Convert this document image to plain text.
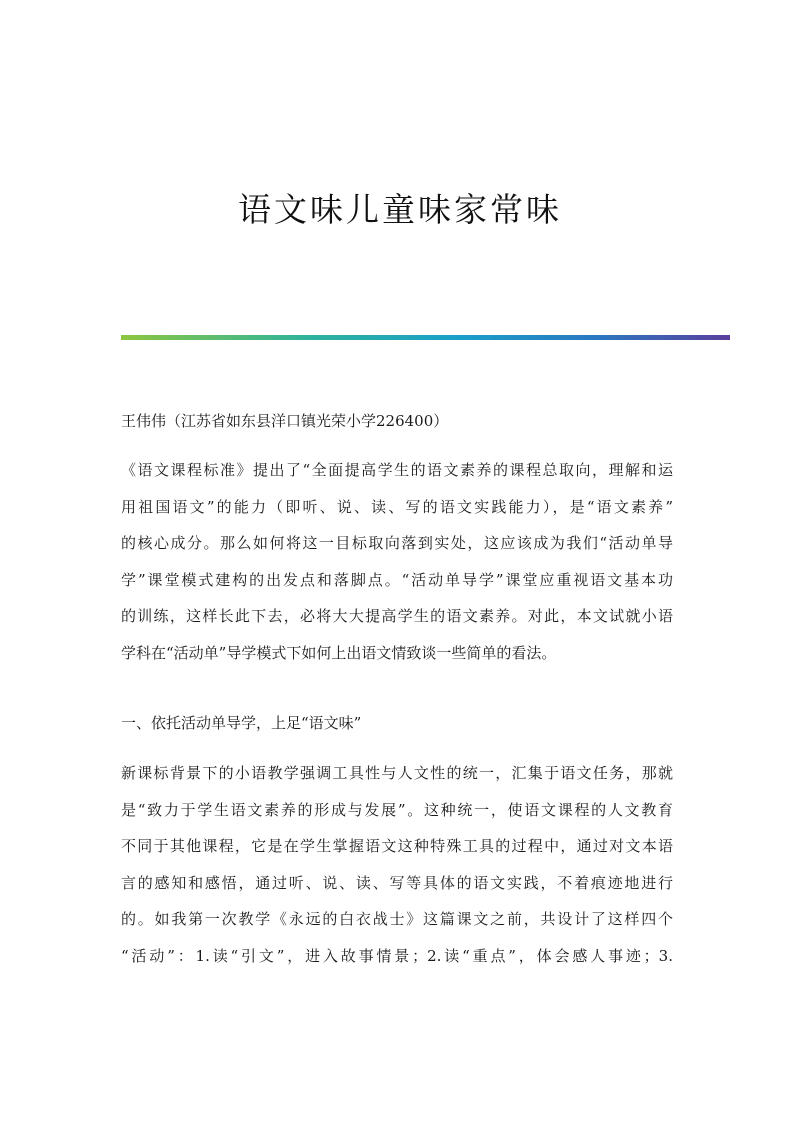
语文味儿童味家常味
王伟伟（江苏省如东县洋口镇光荣小学226400）
《语文课程标准》提出了“全面提高学生的语文素养的课程总取向，理解和运
用祖国语文”的能力（即听、说、读、写的语文实践能力），是“语文素养”
的核心成分。那么如何将这一目标取向落到实处，这应该成为我们“活动单导
学”课堂模式建构的出发点和落脚点。“活动单导学”课堂应重视语文基本功
的训练，这样长此下去，必将大大提高学生的语文素养。对此，本文试就小语
学科在“活动单”导学模式下如何上出语文情致谈一些简单的看法。
一、依托活动单导学，上足“语文味”
新课标背景下的小语教学强调工具性与人文性的统一，汇集于语文任务，那就
是“致力于学生语文素养的形成与发展”。这种统一，使语文课程的人文教育
不同于其他课程，它是在学生掌握语文这种特殊工具的过程中，通过对文本语
言的感知和感悟，通过听、说、读、写等具体的语文实践，不着痕迹地进行
的。如我第一次教学《永远的白衣战士》这篇课文之前，共设计了这样四个
“活动”：1.读“引文”，进入故事情景；2.读“重点”，体会感人事迹；3.
